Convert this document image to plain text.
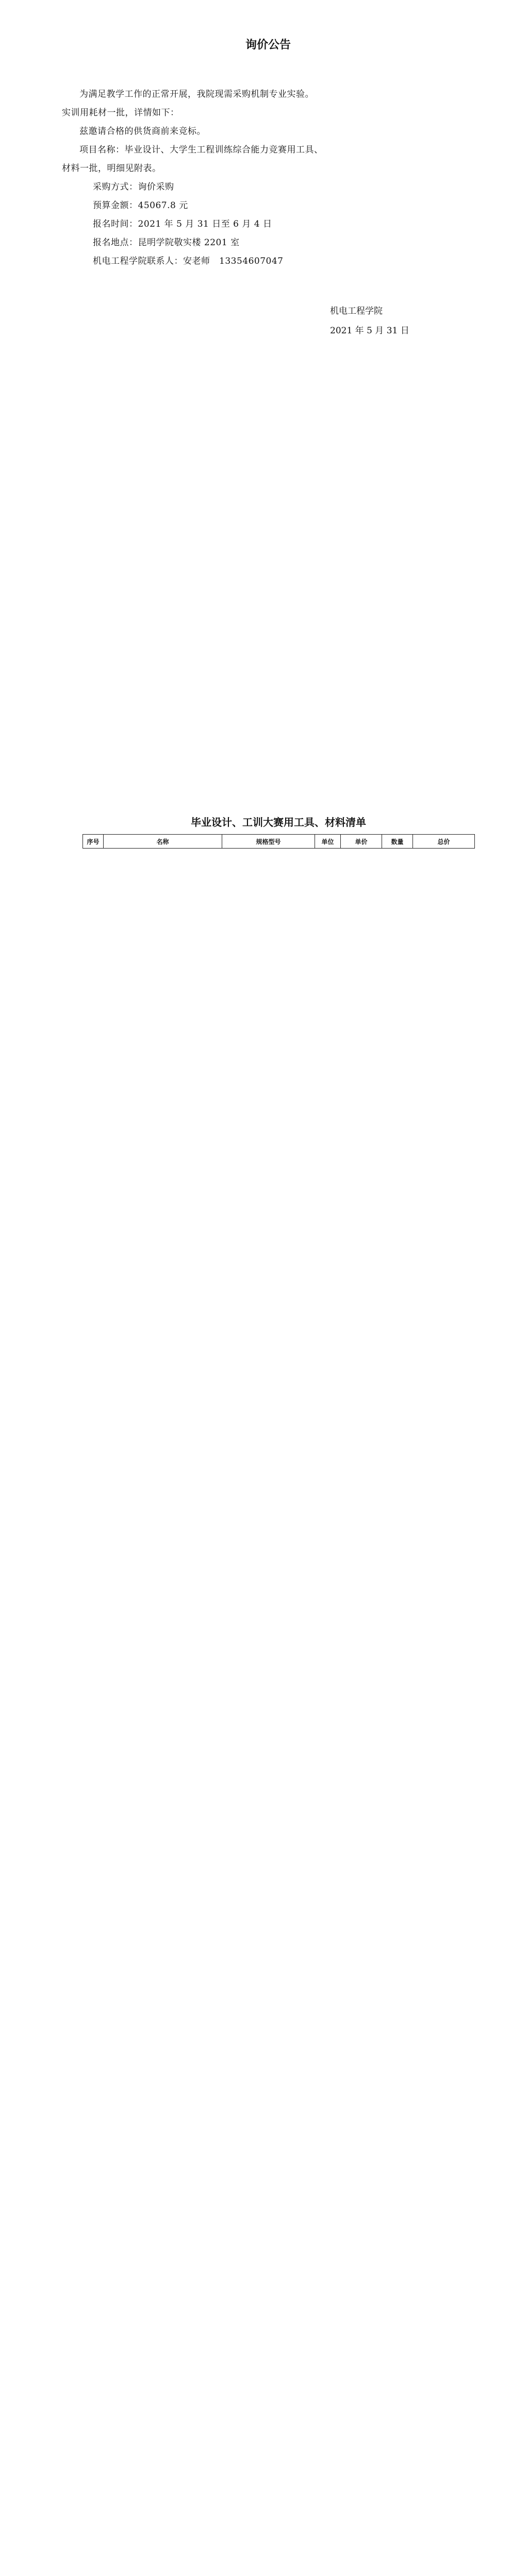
询价公告

为满足教学工作的正常开展，我院现需采购机制专业实验。

实训用耗材一批，详情如下：

兹邀请合格的供货商前来竞标。

项目名称：毕业设计、大学生工程训练综合能力竞赛用工具、

材料一批，明细见附表。

采购方式：询价采购

预算金额：45067.8 元

报名时间：2021 年 5 月 31 日至 6 月 4 日

报名地点：昆明学院敬实楼 2201 室

机电工程学院联系人：安老师　13354607047

机电工程学院
2021 年 5 月 31 日
毕业设计、工训大赛用工具、材料清单
序号	名称	规格型号	单位	单价	数量	总价
